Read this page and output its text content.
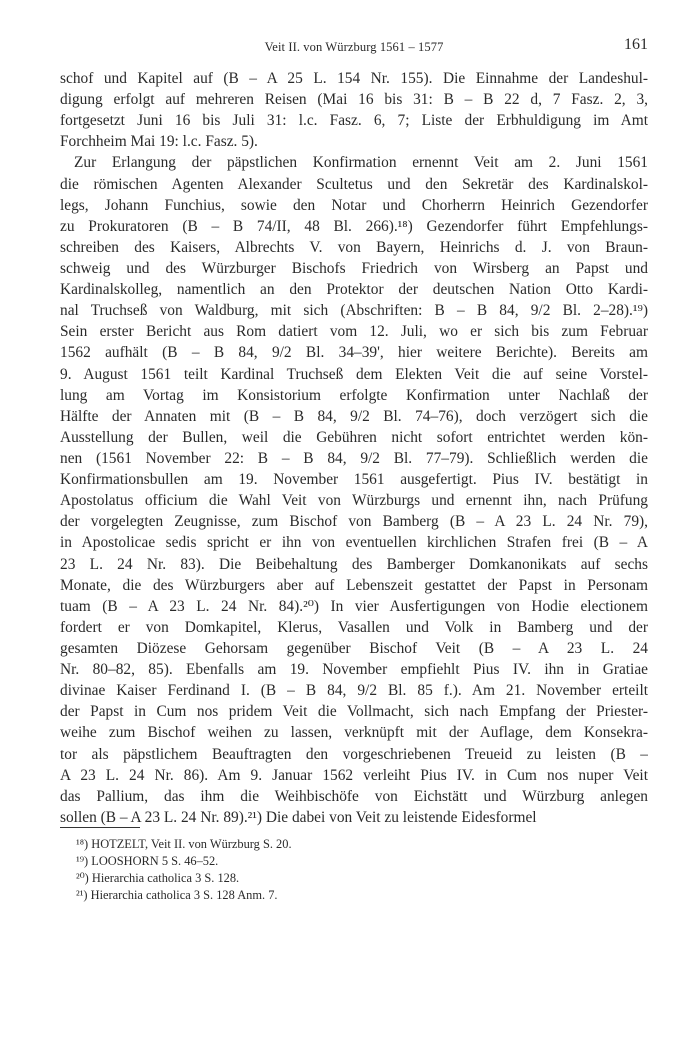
Veit II. von Würzburg 1561 – 1577	161
schof und Kapitel auf (B – A 25 L. 154 Nr. 155). Die Einnahme der Landeshul-
digung erfolgt auf mehreren Reisen (Mai 16 bis 31: B – B 22 d, 7 Fasz. 2, 3,
fortgesetzt Juni 16 bis Juli 31: l.c. Fasz. 6, 7; Liste der Erbhuldigung im Amt
Forchheim Mai 19: l.c. Fasz. 5).
Zur Erlangung der päpstlichen Konfirmation ernennt Veit am 2. Juni 1561
die römischen Agenten Alexander Scultetus und den Sekretär des Kardinalskol-
legs, Johann Funchius, sowie den Notar und Chorherrn Heinrich Gezendorfer
zu Prokuratoren (B – B 74/II, 48 Bl. 266).¹⁸) Gezendorfer führt Empfehlungs-
schreiben des Kaisers, Albrechts V. von Bayern, Heinrichs d. J. von Braun-
schweig und des Würzburger Bischofs Friedrich von Wirsberg an Papst und
Kardinalskolleg, namentlich an den Protektor der deutschen Nation Otto Kardi-
nal Truchseß von Waldburg, mit sich (Abschriften: B – B 84, 9/2 Bl. 2–28).¹⁹)
Sein erster Bericht aus Rom datiert vom 12. Juli, wo er sich bis zum Februar
1562 aufhält (B – B 84, 9/2 Bl. 34–39', hier weitere Berichte). Bereits am
9. August 1561 teilt Kardinal Truchseß dem Elekten Veit die auf seine Vorstel-
lung am Vortag im Konsistorium erfolgte Konfirmation unter Nachlaß der
Hälfte der Annaten mit (B – B 84, 9/2 Bl. 74–76), doch verzögert sich die
Ausstellung der Bullen, weil die Gebühren nicht sofort entrichtet werden kön-
nen (1561 November 22: B – B 84, 9/2 Bl. 77–79). Schließlich werden die
Konfirmationsbullen am 19. November 1561 ausgefertigt. Pius IV. bestätigt in
Apostolatus officium die Wahl Veit von Würzburgs und ernennt ihn, nach Prüfung
der vorgelegten Zeugnisse, zum Bischof von Bamberg (B – A 23 L. 24 Nr. 79),
in Apostolicae sedis spricht er ihn von eventuellen kirchlichen Strafen frei (B – A
23 L. 24 Nr. 83). Die Beibehaltung des Bamberger Domkanonikats auf sechs
Monate, die des Würzburgers aber auf Lebenszeit gestattet der Papst in Personam
tuam (B – A 23 L. 24 Nr. 84).²⁰) In vier Ausfertigungen von Hodie electionem
fordert er von Domkapitel, Klerus, Vasallen und Volk in Bamberg und der
gesamten Diözese Gehorsam gegenüber Bischof Veit (B – A 23 L. 24
Nr. 80–82, 85). Ebenfalls am 19. November empfiehlt Pius IV. ihn in Gratiae
divinae Kaiser Ferdinand I. (B – B 84, 9/2 Bl. 85 f.). Am 21. November erteilt
der Papst in Cum nos pridem Veit die Vollmacht, sich nach Empfang der Priester-
weihe zum Bischof weihen zu lassen, verknüpft mit der Auflage, dem Konsekra-
tor als päpstlichem Beauftragten den vorgeschriebenen Treueid zu leisten (B –
A 23 L. 24 Nr. 86). Am 9. Januar 1562 verleiht Pius IV. in Cum nos nuper Veit
das Pallium, das ihm die Weihbischöfe von Eichstätt und Würzburg anlegen
sollen (B – A 23 L. 24 Nr. 89).²¹) Die dabei von Veit zu leistende Eidesformel
¹⁸) HOTZELT, Veit II. von Würzburg S. 20.
¹⁹) LOOSHORN 5 S. 46–52.
²⁰) Hierarchia catholica 3 S. 128.
²¹) Hierarchia catholica 3 S. 128 Anm. 7.
